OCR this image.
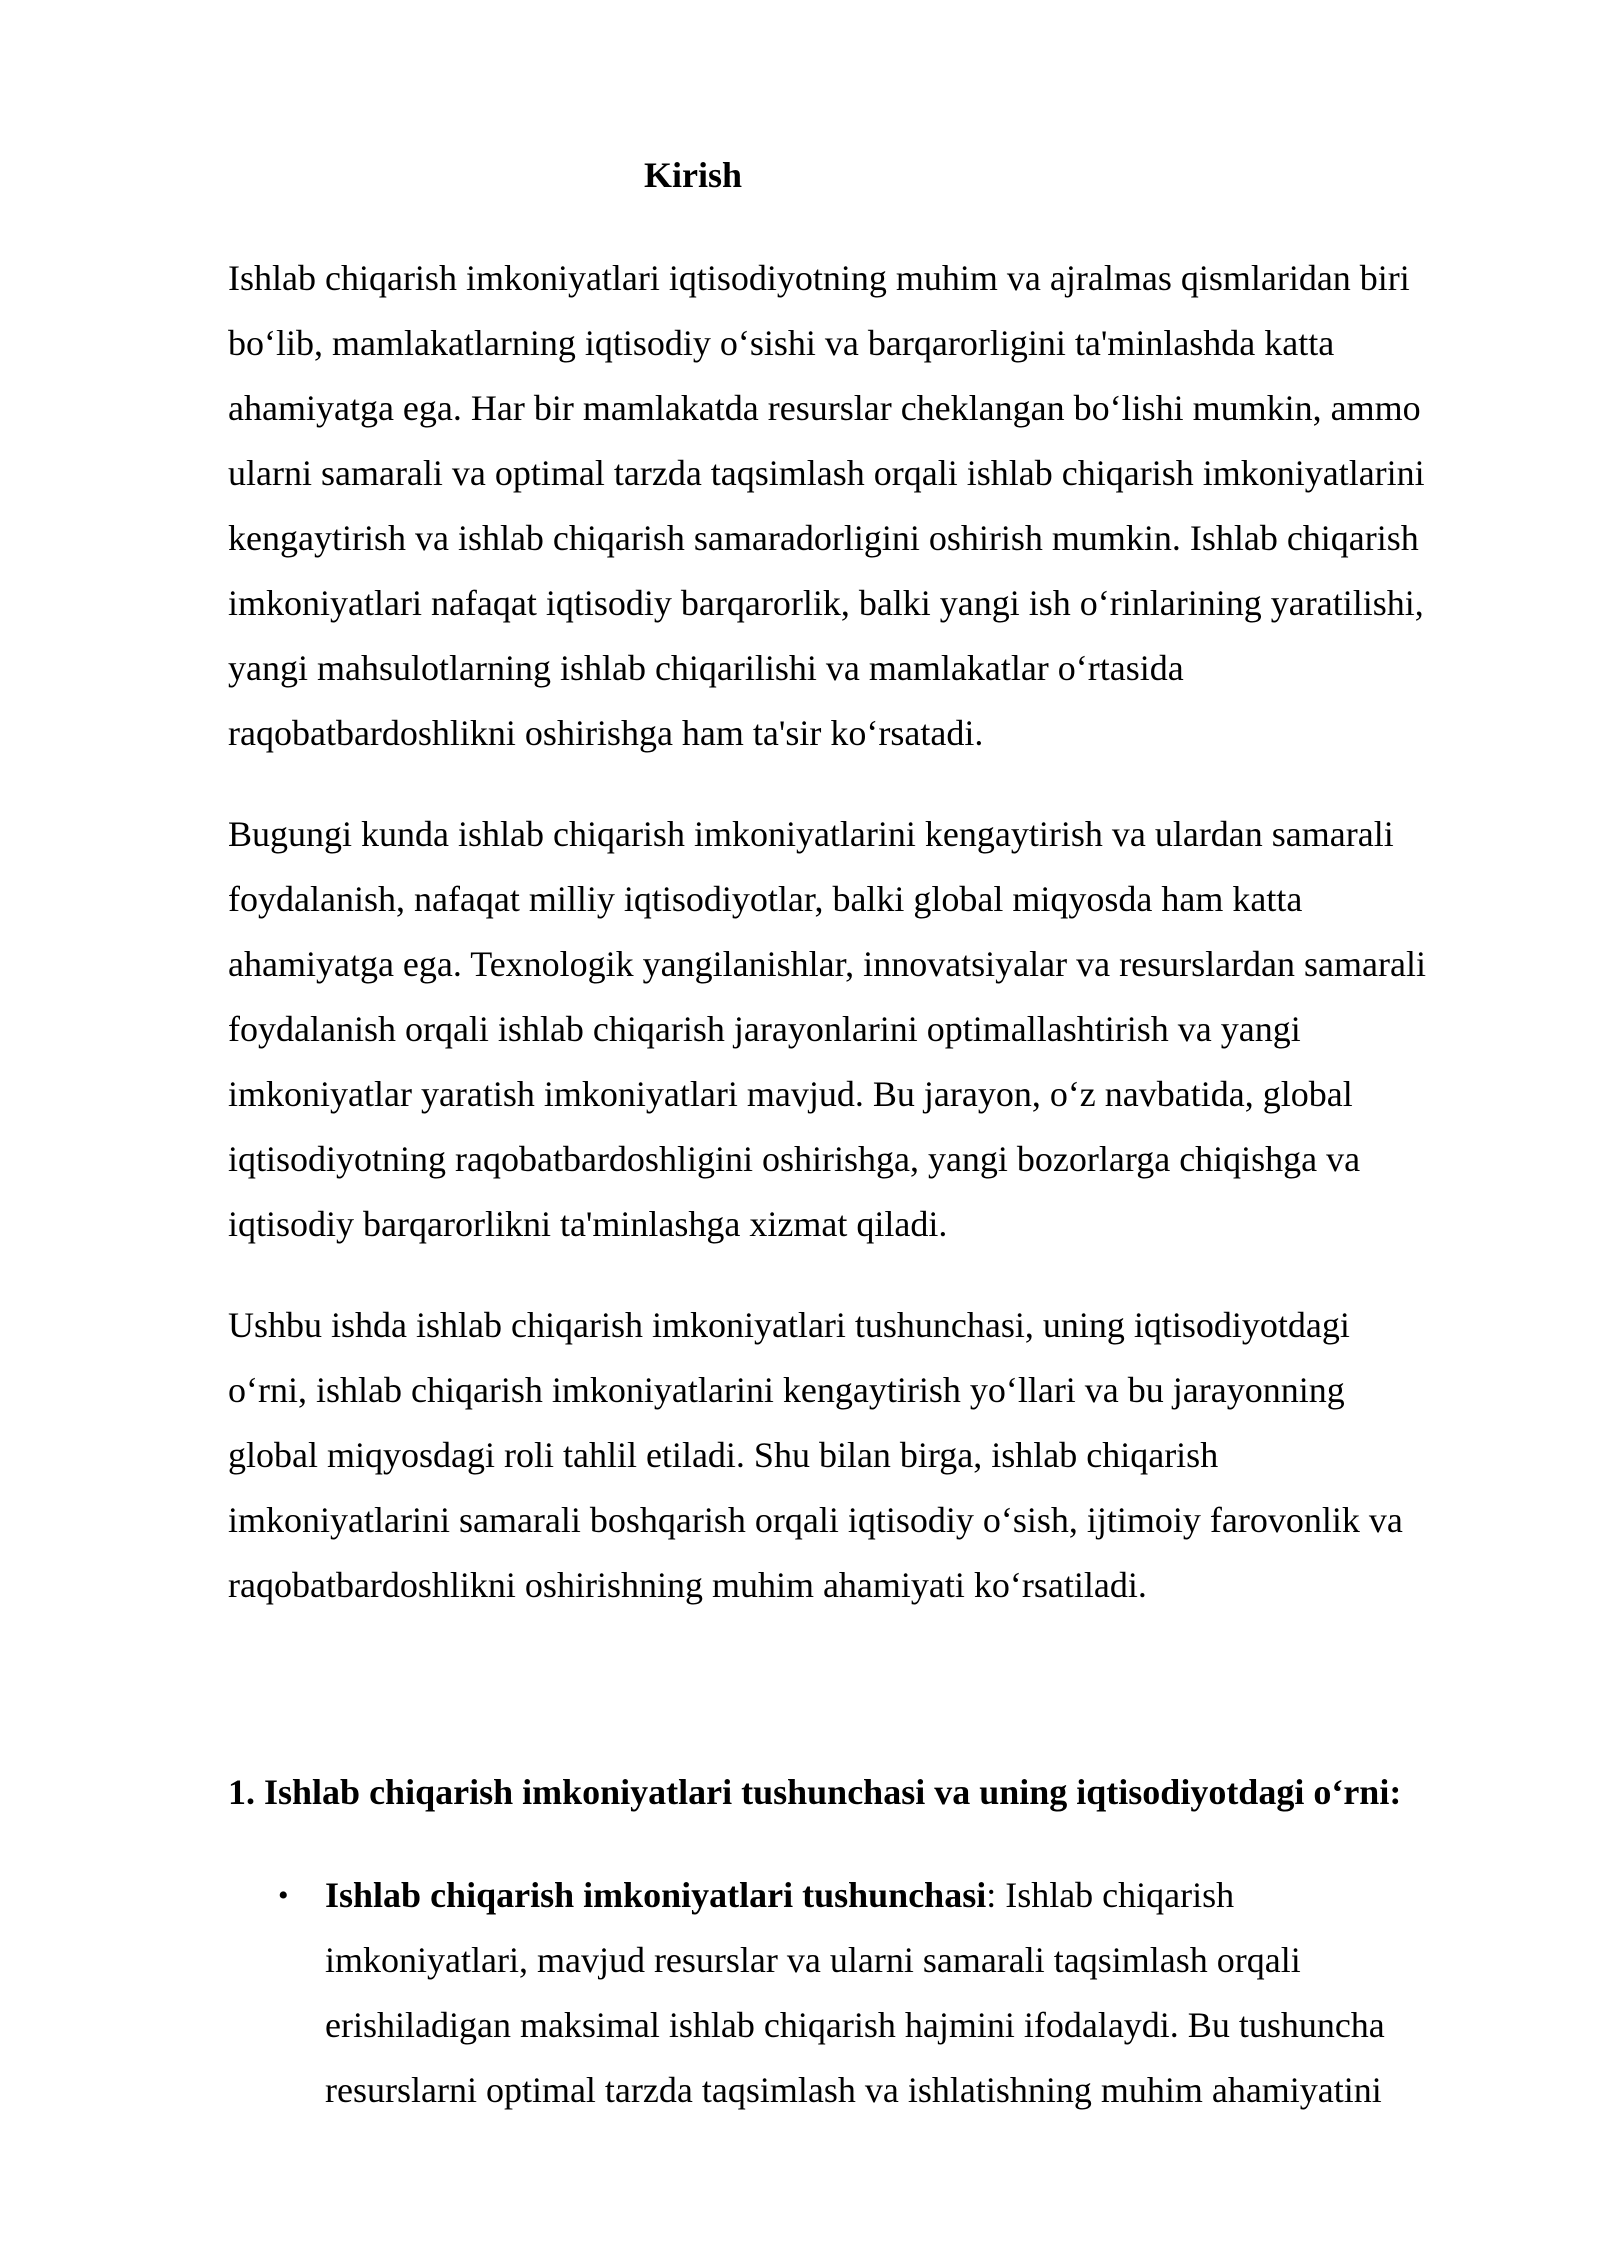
Kirish

Ishlab chiqarish imkoniyatlari iqtisodiyotning muhim va ajralmas qismlaridan biri
bo‘lib, mamlakatlarning iqtisodiy o‘sishi va barqarorligini ta'minlashda katta
ahamiyatga ega. Har bir mamlakatda resurslar cheklangan bo‘lishi mumkin, ammo
ularni samarali va optimal tarzda taqsimlash orqali ishlab chiqarish imkoniyatlarini
kengaytirish va ishlab chiqarish samaradorligini oshirish mumkin. Ishlab chiqarish
imkoniyatlari nafaqat iqtisodiy barqarorlik, balki yangi ish o‘rinlarining yaratilishi,
yangi mahsulotlarning ishlab chiqarilishi va mamlakatlar o‘rtasida
raqobatbardoshlikni oshirishga ham ta'sir ko‘rsatadi.

Bugungi kunda ishlab chiqarish imkoniyatlarini kengaytirish va ulardan samarali
foydalanish, nafaqat milliy iqtisodiyotlar, balki global miqyosda ham katta
ahamiyatga ega. Texnologik yangilanishlar, innovatsiyalar va resurslardan samarali
foydalanish orqali ishlab chiqarish jarayonlarini optimallashtirish va yangi
imkoniyatlar yaratish imkoniyatlari mavjud. Bu jarayon, o‘z navbatida, global
iqtisodiyotning raqobatbardoshligini oshirishga, yangi bozorlarga chiqishga va
iqtisodiy barqarorlikni ta'minlashga xizmat qiladi.

Ushbu ishda ishlab chiqarish imkoniyatlari tushunchasi, uning iqtisodiyotdagi
o‘rni, ishlab chiqarish imkoniyatlarini kengaytirish yo‘llari va bu jarayonning
global miqyosdagi roli tahlil etiladi. Shu bilan birga, ishlab chiqarish
imkoniyatlarini samarali boshqarish orqali iqtisodiy o‘sish, ijtimoiy farovonlik va
raqobatbardoshlikni oshirishning muhim ahamiyati ko‘rsatiladi.

1. Ishlab chiqarish imkoniyatlari tushunchasi va uning iqtisodiyotdagi o‘rni:
• Ishlab chiqarish imkoniyatlari tushunchasi: Ishlab chiqarish
imkoniyatlari, mavjud resurslar va ularni samarali taqsimlash orqali
erishiladigan maksimal ishlab chiqarish hajmini ifodalaydi. Bu tushuncha
resurslarni optimal tarzda taqsimlash va ishlatishning muhim ahamiyatini
